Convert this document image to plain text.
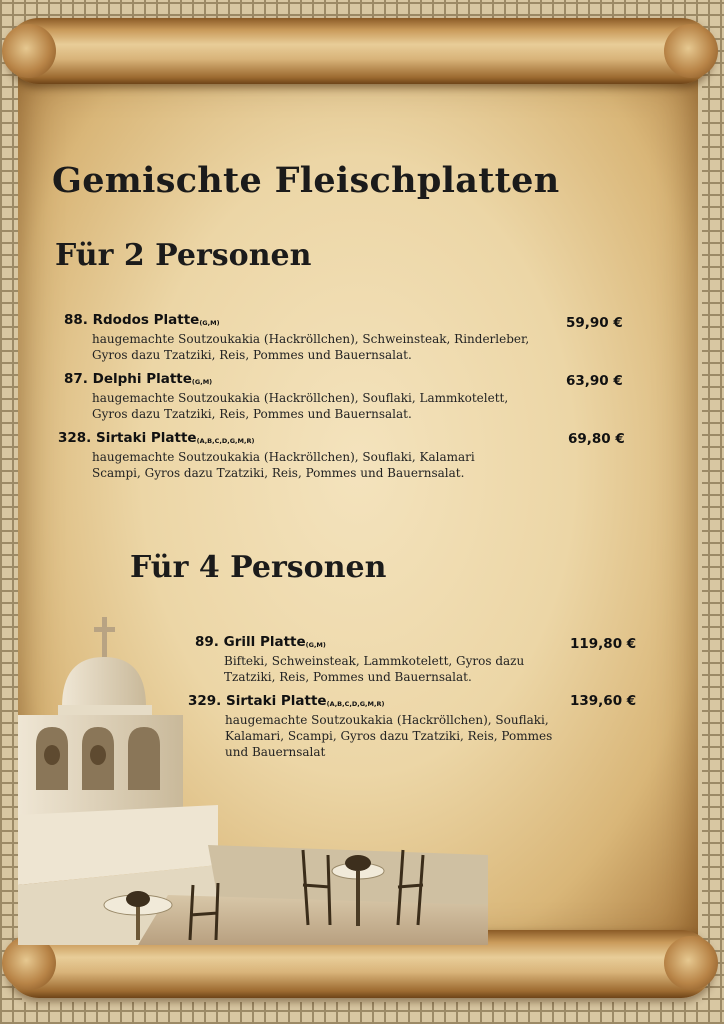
Gemischte Fleischplatten
Für 2 Personen
Für 4 Personen
88. Rdodos Platte(G,M)
haugemachte Soutzoukakia (Hackröllchen), Schweinsteak, Rinderleber,
Gyros dazu Tzatziki, Reis, Pommes und Bauernsalat.
59,90 €
87. Delphi Platte(G,M)
haugemachte Soutzoukakia (Hackröllchen), Souflaki, Lammkotelett,
Gyros dazu Tzatziki, Reis, Pommes und Bauernsalat.
63,90 €
328. Sirtaki Platte(A,B,C,D,G,M,R)
haugemachte Soutzoukakia (Hackröllchen), Souflaki, Kalamari
Scampi, Gyros dazu Tzatziki, Reis, Pommes und Bauernsalat.
69,80 €
89. Grill Platte(G,M)
Bifteki, Schweinsteak, Lammkotelett, Gyros dazu
Tzatziki, Reis, Pommes und Bauernsalat.
119,80 €
329. Sirtaki Platte(A,B,C,D,G,M,R)
haugemachte Soutzoukakia (Hackröllchen), Souflaki,
Kalamari, Scampi, Gyros dazu Tzatziki, Reis, Pommes
und Bauernsalat
139,60 €
